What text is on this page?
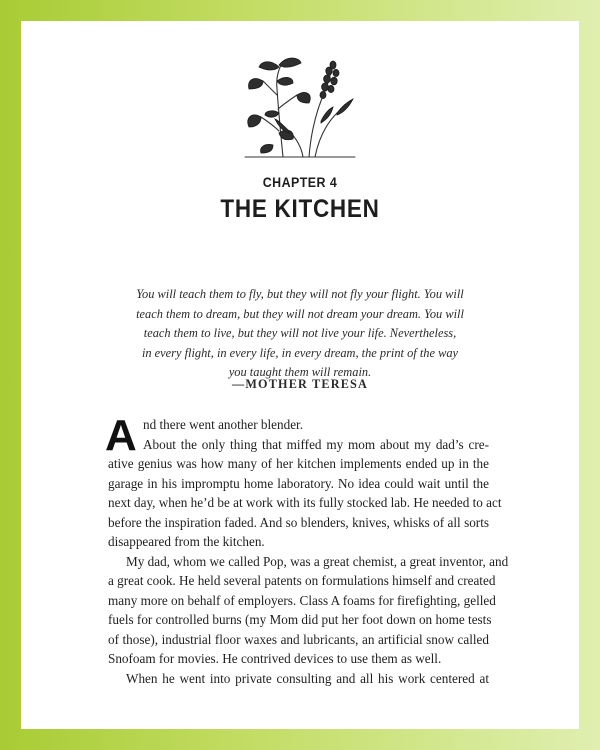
CHAPTER 4
THE KITCHEN
You will teach them to fly, but they will not fly your flight. You will
teach them to dream, but they will not dream your dream. You will
teach them to live, but they will not live your life. Nevertheless,
in every flight, in every life, in every dream, the print of the way
you taught them will remain.
—MOTHER TERESA
A nd there went another blender.
About the only thing that miffed my mom about my dad’s cre-
ative genius was how many of her kitchen implements ended up in the
garage in his impromptu home laboratory. No idea could wait until the
next day, when he’d be at work with its fully stocked lab. He needed to act
before the inspiration faded. And so blenders, knives, whisks of all sorts
disappeared from the kitchen.
My dad, whom we called Pop, was a great chemist, a great inventor, and
a great cook. He held several patents on formulations himself and created
many more on behalf of employers. Class A foams for firefighting, gelled
fuels for controlled burns (my Mom did put her foot down on home tests
of those), industrial floor waxes and lubricants, an artificial snow called
Snofoam for movies. He contrived devices to use them as well.
When he went into private consulting and all his work centered at
